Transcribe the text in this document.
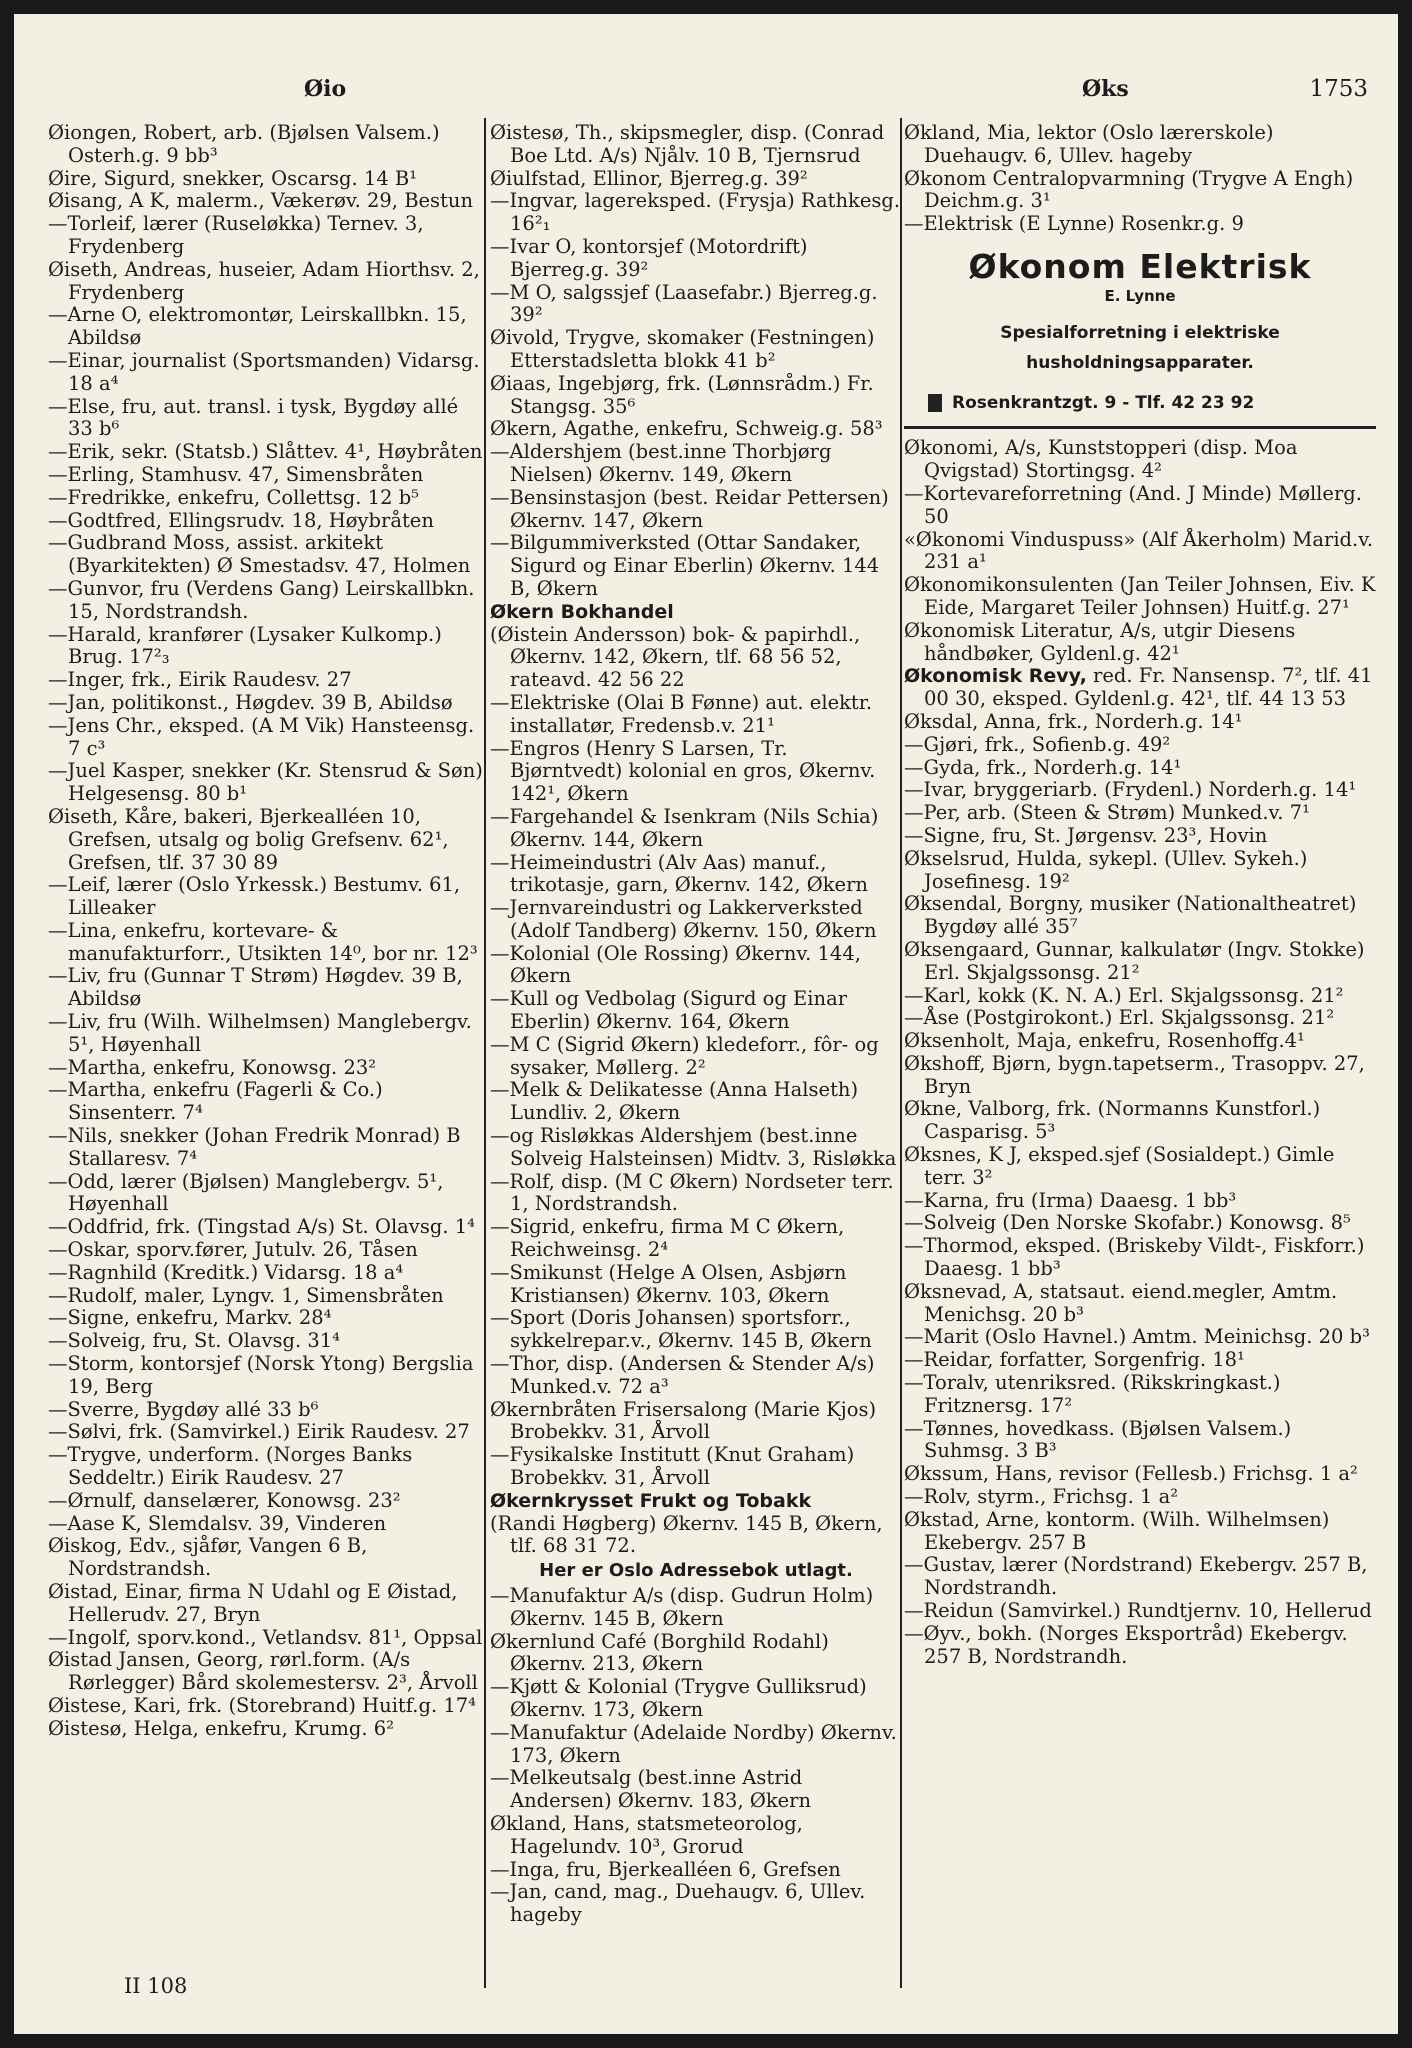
Øio	Øks	1753
Øiongen, Robert, arb. (Bjølsen Valsem.) Osterh.g. 9 bb³
Øire, Sigurd, snekker, Oscarsg. 14 B¹
Øisang, A K, malerm., Vækerøv. 29, Bestun
—Torleif, lærer (Ruseløkka) Ternev. 3, Frydenberg
Øiseth, Andreas, huseier, Adam Hiorthsv. 2, Frydenberg
—Arne O, elektromontør, Leirskallbkn. 15, Abildsø
—Einar, journalist (Sportsmanden) Vidarsg. 18 a⁴
—Else, fru, aut. transl. i tysk, Bygdøy allé 33 b⁶
—Erik, sekr. (Statsb.) Slåttev. 4¹, Høybråten
—Erling, Stamhusv. 47, Simensbråten
—Fredrikke, enkefru, Collettsg. 12 b⁵
—Godtfred, Ellingsrudv. 18, Høybråten
—Gudbrand Moss, assist. arkitekt (Byarkitekten) Ø Smestadsv. 47, Holmen
—Gunvor, fru (Verdens Gang) Leirskallbkn. 15, Nordstrandsh.
—Harald, kranfører (Lysaker Kulkomp.) Brug. 17²₃
—Inger, frk., Eirik Raudesv. 27
—Jan, politikonst., Høgdev. 39 B, Abildsø
—Jens Chr., eksped. (A M Vik) Hansteensg. 7 c³
—Juel Kasper, snekker (Kr. Stensrud & Søn) Helgesensg. 80 b¹
Øiseth, Kåre, bakeri, Bjerkealléen 10, Grefsen, utsalg og bolig Grefsenv. 62¹, Grefsen, tlf. 37 30 89
—Leif, lærer (Oslo Yrkessk.) Bestumv. 61, Lilleaker
—Lina, enkefru, kortevare- & manufakturforr., Utsikten 14⁰, bor nr. 12³
—Liv, fru (Gunnar T Strøm) Høgdev. 39 B, Abildsø
—Liv, fru (Wilh. Wilhelmsen) Manglebergv. 5¹, Høyenhall
—Martha, enkefru, Konowsg. 23²
—Martha, enkefru (Fagerli & Co.) Sinsenterr. 7⁴
—Nils, snekker (Johan Fredrik Monrad) B Stallaresv. 7⁴
—Odd, lærer (Bjølsen) Manglebergv. 5¹, Høyenhall
—Oddfrid, frk. (Tingstad A/s) St. Olavsg. 1⁴
—Oskar, sporv.fører, Jutulv. 26, Tåsen
—Ragnhild (Kreditk.) Vidarsg. 18 a⁴
—Rudolf, maler, Lyngv. 1, Simensbråten
—Signe, enkefru, Markv. 28⁴
—Solveig, fru, St. Olavsg. 31⁴
—Storm, kontorsjef (Norsk Ytong) Bergslia 19, Berg
—Sverre, Bygdøy allé 33 b⁶
—Sølvi, frk. (Samvirkel.) Eirik Raudesv. 27
—Trygve, underform. (Norges Banks Seddeltr.) Eirik Raudesv. 27
—Ørnulf, danselærer, Konowsg. 23²
—Aase K, Slemdalsv. 39, Vinderen
Øiskog, Edv., sjåfør, Vangen 6 B, Nordstrandsh.
Øistad, Einar, firma N Udahl og E Øistad, Hellerudv. 27, Bryn
—Ingolf, sporv.kond., Vetlandsv. 81¹, Oppsal
Øistad Jansen, Georg, rørl.form. (A/s Rørlegger) Bård skolemestersv. 2³, Årvoll
Øistese, Kari, frk. (Storebrand) Huitf.g. 17⁴
Øistesø, Helga, enkefru, Krumg. 6²
Øistesø, Th., skipsmegler, disp. (Conrad Boe Ltd. A/s) Njålv. 10 B, Tjernsrud
Øiulfstad, Ellinor, Bjerreg.g. 39²
—Ingvar, lagereksped. (Frysja) Rathkesg. 16²₁
—Ivar O, kontorsjef (Motordrift) Bjerreg.g. 39²
—M O, salgssjef (Laasefabr.) Bjerreg.g. 39²
Øivold, Trygve, skomaker (Festningen) Etterstadsletta blokk 41 b²
Øiaas, Ingebjørg, frk. (Lønnsrådm.) Fr. Stangsg. 35⁶
Økern, Agathe, enkefru, Schweig.g. 58³
—Aldershjem (best.inne Thorbjørg Nielsen) Økernv. 149, Økern
—Bensinstasjon (best. Reidar Pettersen) Økernv. 147, Økern
—Bilgummiverksted (Ottar Sandaker, Sigurd og Einar Eberlin) Økernv. 144 B, Økern
Økern Bokhandel
(Øistein Andersson) bok- & papirhdl., Økernv. 142, Økern, tlf. 68 56 52, rateavd. 42 56 22
—Elektriske (Olai B Fønne) aut. elektr. installatør, Fredensb.v. 21¹
—Engros (Henry S Larsen, Tr. Bjørntvedt) kolonial en gros, Økernv. 142¹, Økern
—Fargehandel & Isenkram (Nils Schia) Økernv. 144, Økern
—Heimeindustri (Alv Aas) manuf., trikotasje, garn, Økernv. 142, Økern
—Jernvareindustri og Lakkerverksted (Adolf Tandberg) Økernv. 150, Økern
—Kolonial (Ole Rossing) Økernv. 144, Økern
—Kull og Vedbolag (Sigurd og Einar Eberlin) Økernv. 164, Økern
—M C (Sigrid Økern) kledeforr., fôr- og sysaker, Møllerg. 2²
—Melk & Delikatesse (Anna Halseth) Lundliv. 2, Økern
—og Risløkkas Aldershjem (best.inne Solveig Halsteinsen) Midtv. 3, Risløkka
—Rolf, disp. (M C Økern) Nordseter terr. 1, Nordstrandsh.
—Sigrid, enkefru, firma M C Økern, Reichweinsg. 2⁴
—Smikunst (Helge A Olsen, Asbjørn Kristiansen) Økernv. 103, Økern
—Sport (Doris Johansen) sportsforr., sykkelrepar.v., Økernv. 145 B, Økern
—Thor, disp. (Andersen & Stender A/s) Munked.v. 72 a³
Økernbråten Frisersalong (Marie Kjos) Brobekkv. 31, Årvoll
—Fysikalske Institutt (Knut Graham) Brobekkv. 31, Årvoll
Økernkrysset Frukt og Tobakk
(Randi Høgberg) Økernv. 145 B, Økern, tlf. 68 31 72.
Her er Oslo Adressebok utlagt.
—Manufaktur A/s (disp. Gudrun Holm) Økernv. 145 B, Økern
Økernlund Café (Borghild Rodahl) Økernv. 213, Økern
—Kjøtt & Kolonial (Trygve Gulliksrud) Økernv. 173, Økern
—Manufaktur (Adelaide Nordby) Økernv. 173, Økern
—Melkeutsalg (best.inne Astrid Andersen) Økernv. 183, Økern
Økland, Hans, statsmeteorolog, Hagelundv. 10³, Grorud
—Inga, fru, Bjerkealléen 6, Grefsen
—Jan, cand, mag., Duehaugv. 6, Ullev. hageby
Økland, Mia, lektor (Oslo lærerskole) Duehaugv. 6, Ullev. hageby
Økonom Centralopvarmning (Trygve A Engh) Deichm.g. 3¹
—Elektrisk (E Lynne) Rosenkr.g. 9
Økonom Elektrisk
E. Lynne
Spesialforretning i elektriske
husholdningsapparater.
Rosenkrantzgt. 9 - Tlf. 42 23 92
Økonomi, A/s, Kunststopperi (disp. Moa Qvigstad) Stortingsg. 4²
—Kortevareforretning (And. J Minde) Møllerg. 50
«Økonomi Vinduspuss» (Alf Åkerholm) Marid.v. 231 a¹
Økonomikonsulenten (Jan Teiler Johnsen, Eiv. K Eide, Margaret Teiler Johnsen) Huitf.g. 27¹
Økonomisk Literatur, A/s, utgir Diesens håndbøker, Gyldenl.g. 42¹
Økonomisk Revy, red. Fr. Nansensp. 7², tlf. 41 00 30, eksped. Gyldenl.g. 42¹, tlf. 44 13 53
Øksdal, Anna, frk., Norderh.g. 14¹
—Gjøri, frk., Sofienb.g. 49²
—Gyda, frk., Norderh.g. 14¹
—Ivar, bryggeriarb. (Frydenl.) Norderh.g. 14¹
—Per, arb. (Steen & Strøm) Munked.v. 7¹
—Signe, fru, St. Jørgensv. 23³, Hovin
Økselsrud, Hulda, sykepl. (Ullev. Sykeh.) Josefinesg. 19²
Øksendal, Borgny, musiker (Nationaltheatret) Bygdøy allé 35⁷
Øksengaard, Gunnar, kalkulatør (Ingv. Stokke) Erl. Skjalgssonsg. 21²
—Karl, kokk (K. N. A.) Erl. Skjalgssonsg. 21²
—Åse (Postgirokont.) Erl. Skjalgssonsg. 21²
Øksenholt, Maja, enkefru, Rosenhoffg.4¹
Økshoff, Bjørn, bygn.tapetserm., Trasoppv. 27, Bryn
Økne, Valborg, frk. (Normanns Kunstforl.) Casparisg. 5³
Øksnes, K J, eksped.sjef (Sosialdept.) Gimle terr. 3²
—Karna, fru (Irma) Daaesg. 1 bb³
—Solveig (Den Norske Skofabr.) Konowsg. 8⁵
—Thormod, eksped. (Briskeby Vildt-, Fiskforr.) Daaesg. 1 bb³
Øksnevad, A, statsaut. eiend.megler, Amtm. Menichsg. 20 b³
—Marit (Oslo Havnel.) Amtm. Meinichsg. 20 b³
—Reidar, forfatter, Sorgenfrig. 18¹
—Toralv, utenriksred. (Rikskringkast.) Fritznersg. 17²
—Tønnes, hovedkass. (Bjølsen Valsem.) Suhmsg. 3 B³
Økssum, Hans, revisor (Fellesb.) Frichsg. 1 a²
—Rolv, styrm., Frichsg. 1 a²
Økstad, Arne, kontorm. (Wilh. Wilhelmsen) Ekebergv. 257 B
—Gustav, lærer (Nordstrand) Ekebergv. 257 B, Nordstrandh.
—Reidun (Samvirkel.) Rundtjernv. 10, Hellerud
—Øyv., bokh. (Norges Eksportråd) Ekebergv. 257 B, Nordstrandh.
II 108
